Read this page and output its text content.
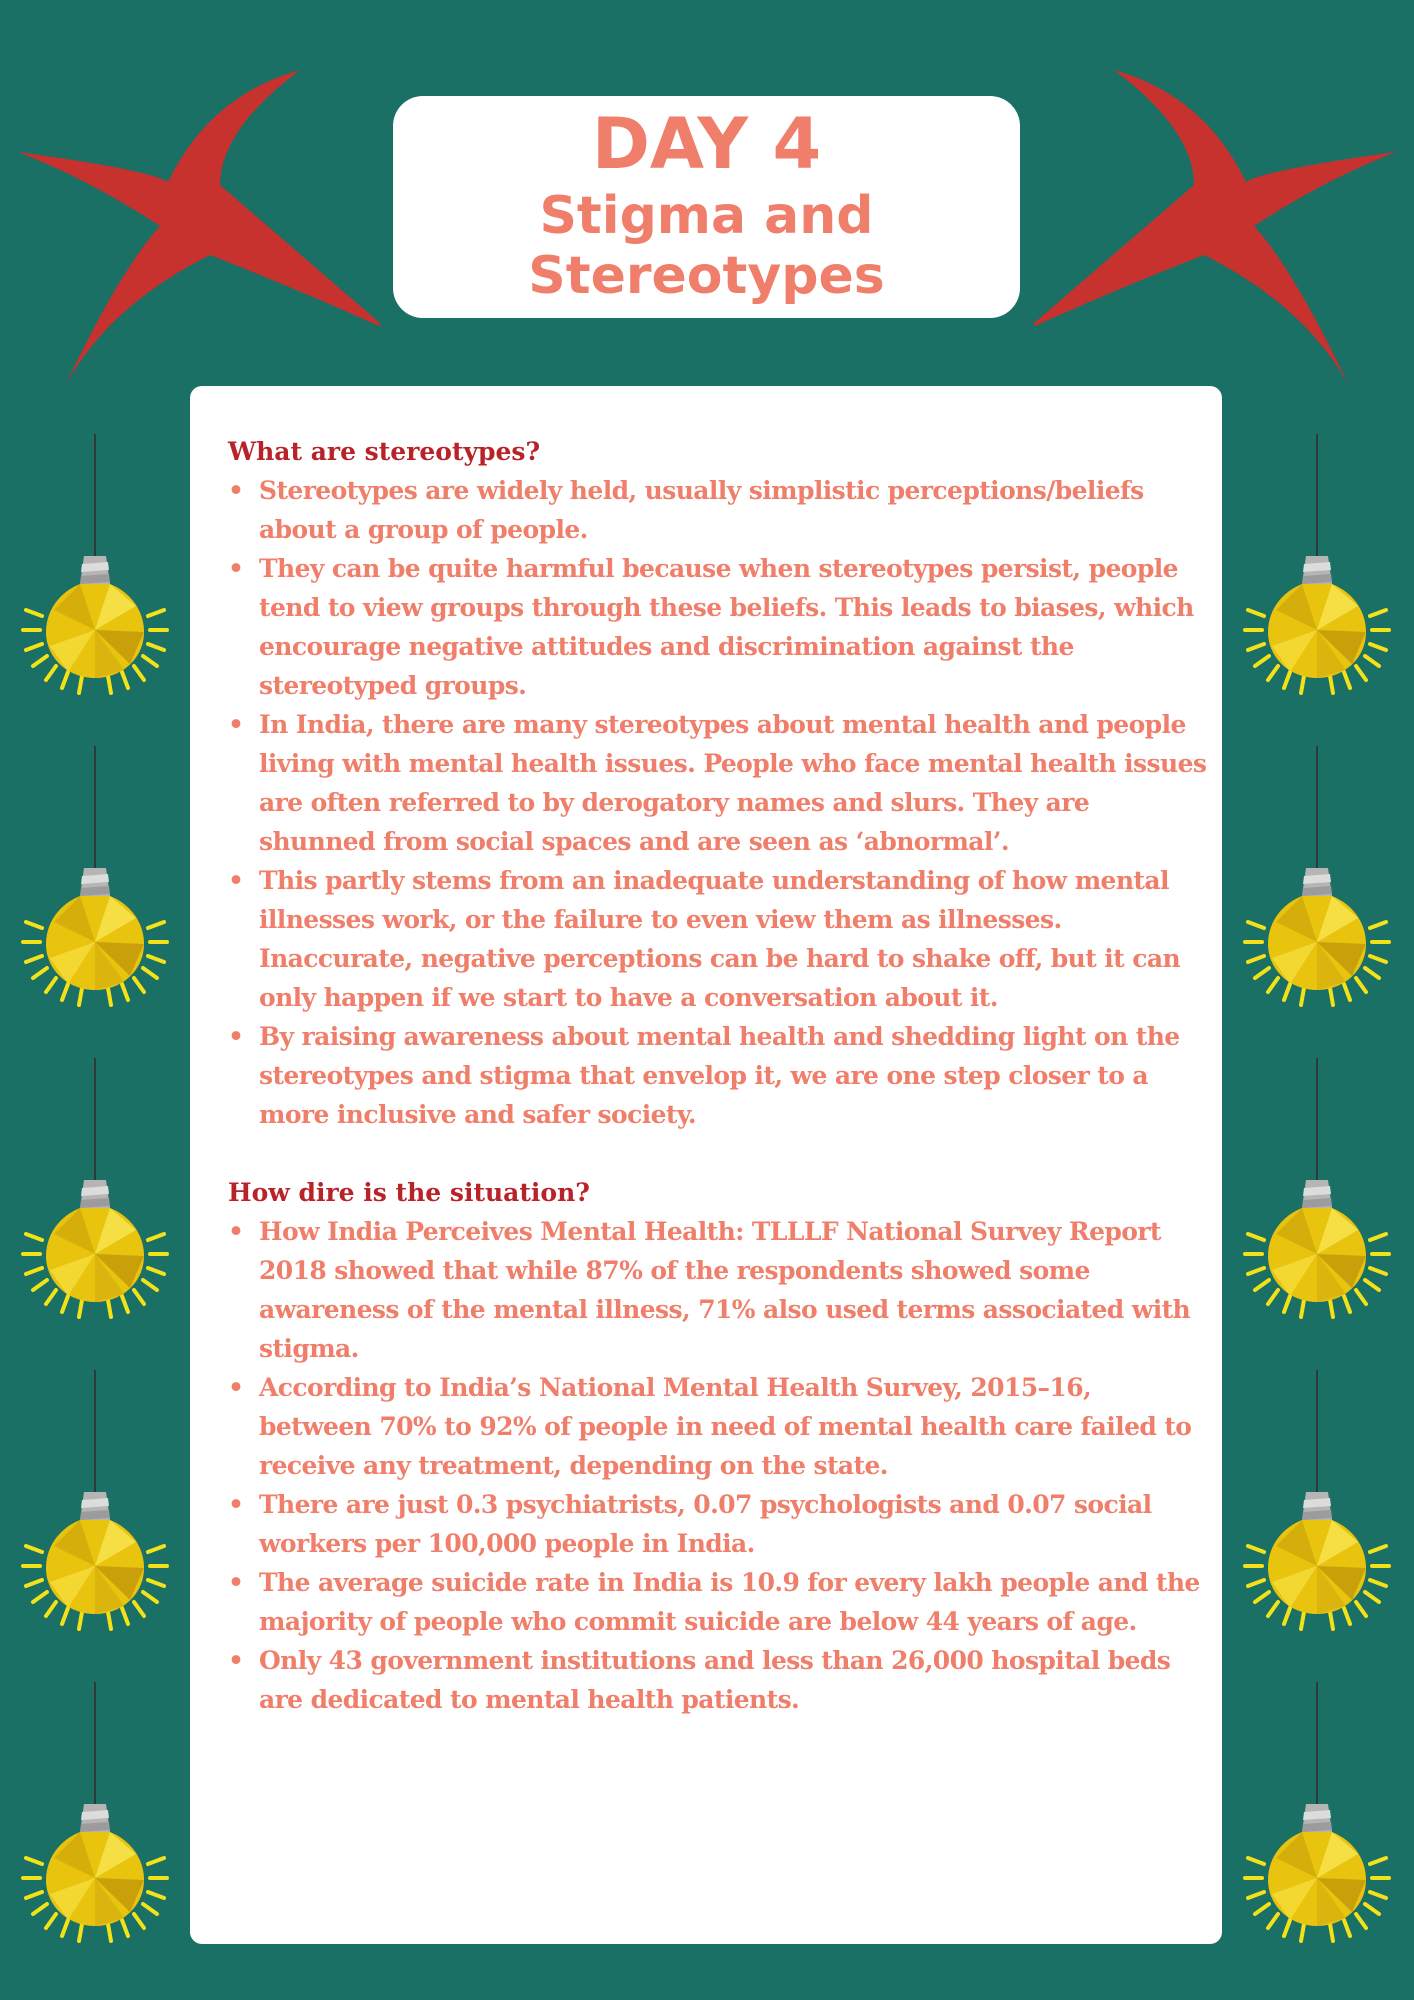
DAY 4
Stigma and
Stereotypes
What are stereotypes?
• Stereotypes are widely held, usually simplistic perceptions/beliefs about a group of people.
• They can be quite harmful because when stereotypes persist, people tend to view groups through these beliefs. This leads to biases, which encourage negative attitudes and discrimination against the stereotyped groups.
• In India, there are many stereotypes about mental health and people living with mental health issues. People who face mental health issues are often referred to by derogatory names and slurs. They are shunned from social spaces and are seen as ‘abnormal’.
• This partly stems from an inadequate understanding of how mental illnesses work, or the failure to even view them as illnesses. Inaccurate, negative perceptions can be hard to shake off, but it can only happen if we start to have a conversation about it.
• By raising awareness about mental health and shedding light on the stereotypes and stigma that envelop it, we are one step closer to a more inclusive and safer society.
How dire is the situation?
• How India Perceives Mental Health: TLLLF National Survey Report 2018 showed that while 87% of the respondents showed some awareness of the mental illness, 71% also used terms associated with stigma.
• According to India’s National Mental Health Survey, 2015–16, between 70% to 92% of people in need of mental health care failed to receive any treatment, depending on the state.
• There are just 0.3 psychiatrists, 0.07 psychologists and 0.07 social workers per 100,000 people in India.
• The average suicide rate in India is 10.9 for every lakh people and the majority of people who commit suicide are below 44 years of age.
• Only 43 government institutions and less than 26,000 hospital beds are dedicated to mental health patients.
